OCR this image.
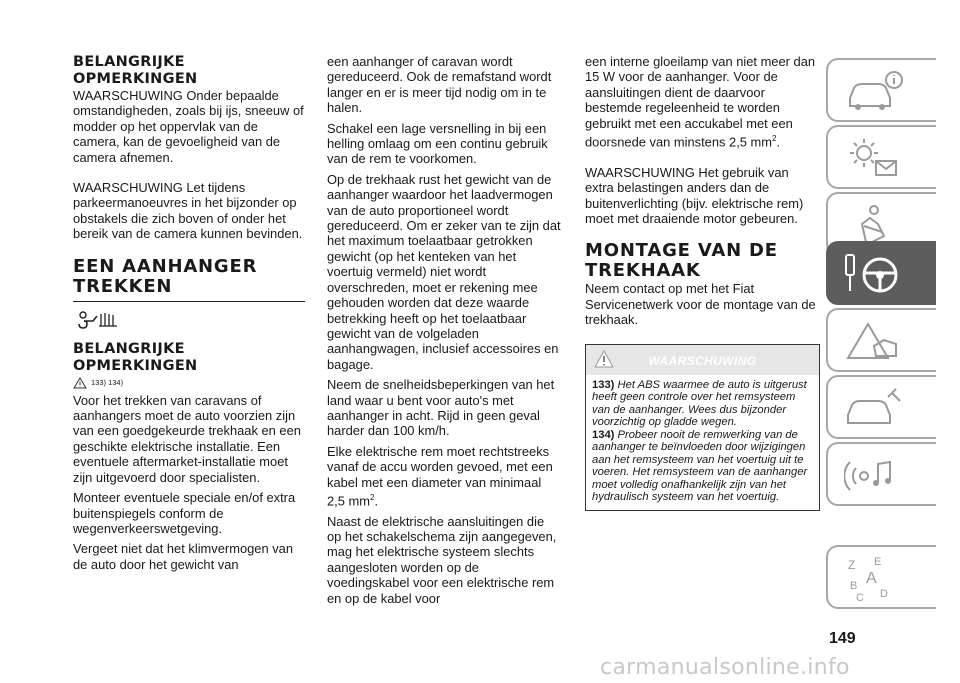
BELANGRIJKE OPMERKINGEN

WAARSCHUWING Onder bepaalde omstandigheden, zoals bij ijs, sneeuw of modder op het oppervlak van de camera, kan de gevoeligheid van de camera afnemen.

WAARSCHUWING Let tijdens parkeermanoeuvres in het bijzonder op obstakels die zich boven of onder het bereik van de camera kunnen bevinden.

EEN AANHANGER TREKKEN
BELANGRIJKE OPMERKINGEN
133) 134)

Voor het trekken van caravans of aanhangers moet de auto voorzien zijn van een goedgekeurde trekhaak en een geschikte elektrische installatie. Een eventuele aftermarket-installatie moet zijn uitgevoerd door specialisten.

Monteer eventuele speciale en/of extra buitenspiegels conform de wegenverkeerswetgeving.

Vergeet niet dat het klimvermogen van de auto door het gewicht van

een aanhanger of caravan wordt gereduceerd. Ook de remafstand wordt langer en er is meer tijd nodig om in te halen.

Schakel een lage versnelling in bij een helling omlaag om een continu gebruik van de rem te voorkomen.

Op de trekhaak rust het gewicht van de aanhanger waardoor het laadvermogen van de auto proportioneel wordt gereduceerd. Om er zeker van te zijn dat het maximum toelaatbaar getrokken gewicht (op het kenteken van het voertuig vermeld) niet wordt overschreden, moet er rekening mee gehouden worden dat deze waarde betrekking heeft op het toelaatbaar gewicht van de volgeladen aanhangwagen, inclusief accessoires en bagage.

Neem de snelheidsbeperkingen van het land waar u bent voor auto's met aanhanger in acht. Rijd in geen geval harder dan 100 km/h.

Elke elektrische rem moet rechtstreeks vanaf de accu worden gevoed, met een kabel met een diameter van minimaal 2,5 $mm^2$.

Naast de elektrische aansluitingen die op het schakelschema zijn aangegeven, mag het elektrische systeem slechts aangesloten worden op de voedingskabel voor een elektrische rem en op de kabel voor

een interne gloeilamp van niet meer dan 15 W voor de aanhanger. Voor de aansluitingen dient de daarvoor bestemde regeleenheid te worden gebruikt met een accukabel met een doorsnede van minstens 2,5 $mm^2$.

WAARSCHUWING Het gebruik van extra belastingen anders dan de buitenverlichting (bijv. elektrische rem) moet met draaiende motor gebeuren.

MONTAGE VAN DE TREKHAAK

Neem contact op met het Fiat Servicenetwerk voor de montage van de trekhaak.

WAARSCHUWING

133) Het ABS waarmee de auto is uitgerust heeft geen controle over het remsysteem van de aanhanger. Wees dus bijzonder voorzichtig op gladde wegen.

134) Probeer nooit de remwerking van de aanhanger te beïnvloeden door wijzigingen aan het remsysteem van het voertuig uit te voeren. Het remsysteem van de aanhanger moet volledig onafhankelijk zijn van het hydraulisch systeem van het voertuig.

Z E
A
B
C D
149
carmanualsonline.info
